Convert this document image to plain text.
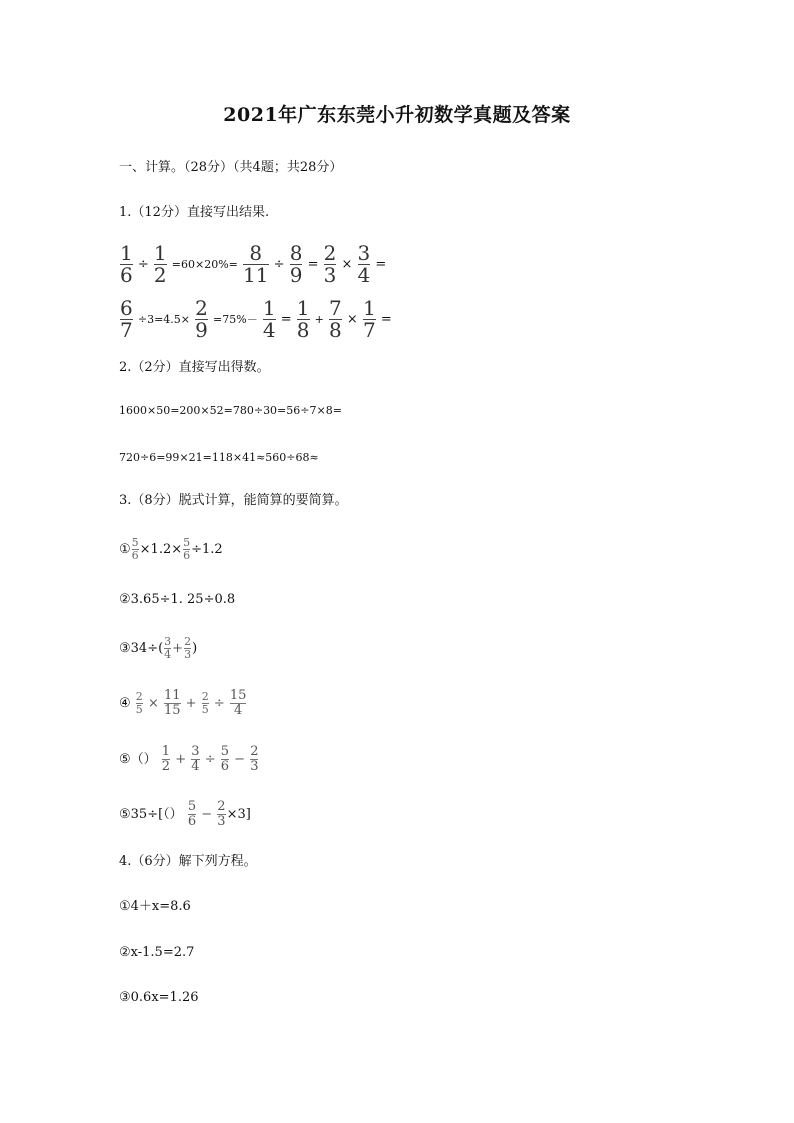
2021年广东东莞小升初数学真题及答案
一、计算。（28分）（共4题；共28分）
1.（12分）直接写出结果.
$\frac{1}{6} \div \frac{1}{2} =60\times 20\%= \frac{8}{11} \div \frac{8}{9} = \frac{2}{3} \times \frac{3}{4}$ =
$\frac{6}{7} \div 3=4.5\times \frac{2}{9} =75\%- \frac{1}{4} = \frac{1}{8} + \frac{7}{8} \times \frac{1}{7}$ =
2.（2分）直接写出得数。
1600×50=200×52=780÷30=56÷7×8=
720÷6=99×21=118×41≈560÷68≈
3.（8分）脱式计算，能简算的要简算。
① $\frac{5}{6} \times 1.2\times \frac{5}{6} \div 1.2$
②3.65÷1. 25÷0.8
③34÷( $\frac{3}{4} + \frac{2}{3}$ )
④ $\frac{2}{5} \times \frac{11}{15} + \frac{2}{5} \div \frac{15}{4}$
⑤（） $\frac{1}{2} + \frac{3}{4} \div \frac{5}{6} - \frac{2}{3}$
⑤35÷[（） $\frac{5}{6} - \frac{2}{3} \times 3$]
4.（6分）解下列方程。
①4＋x=8.6
②x-1.5=2.7
③0.6x=1.26
